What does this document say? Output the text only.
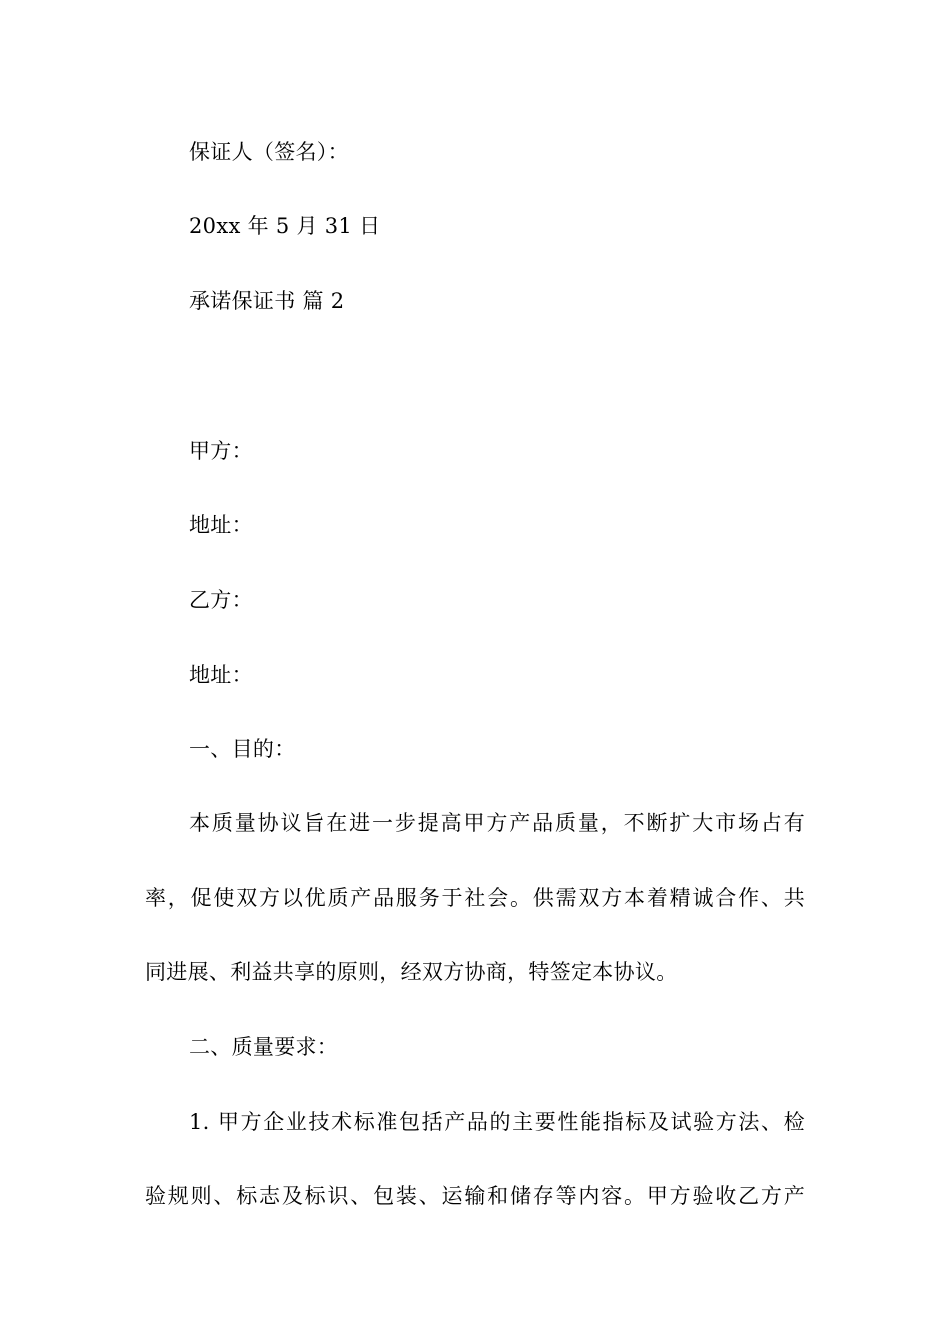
保证人（签名）：

20xx 年 5 月 31 日

承诺保证书 篇 2

甲方：

地址：

乙方：

地址：

一、目的：

本质量协议旨在进一步提高甲方产品质量，不断扩大市场占有

率，促使双方以优质产品服务于社会。供需双方本着精诚合作、共

同进展、利益共享的原则，经双方协商，特签定本协议。

二、质量要求：

1. 甲方企业技术标准包括产品的主要性能指标及试验方法、检

验规则、标志及标识、包装、运输和储存等内容。甲方验收乙方产
